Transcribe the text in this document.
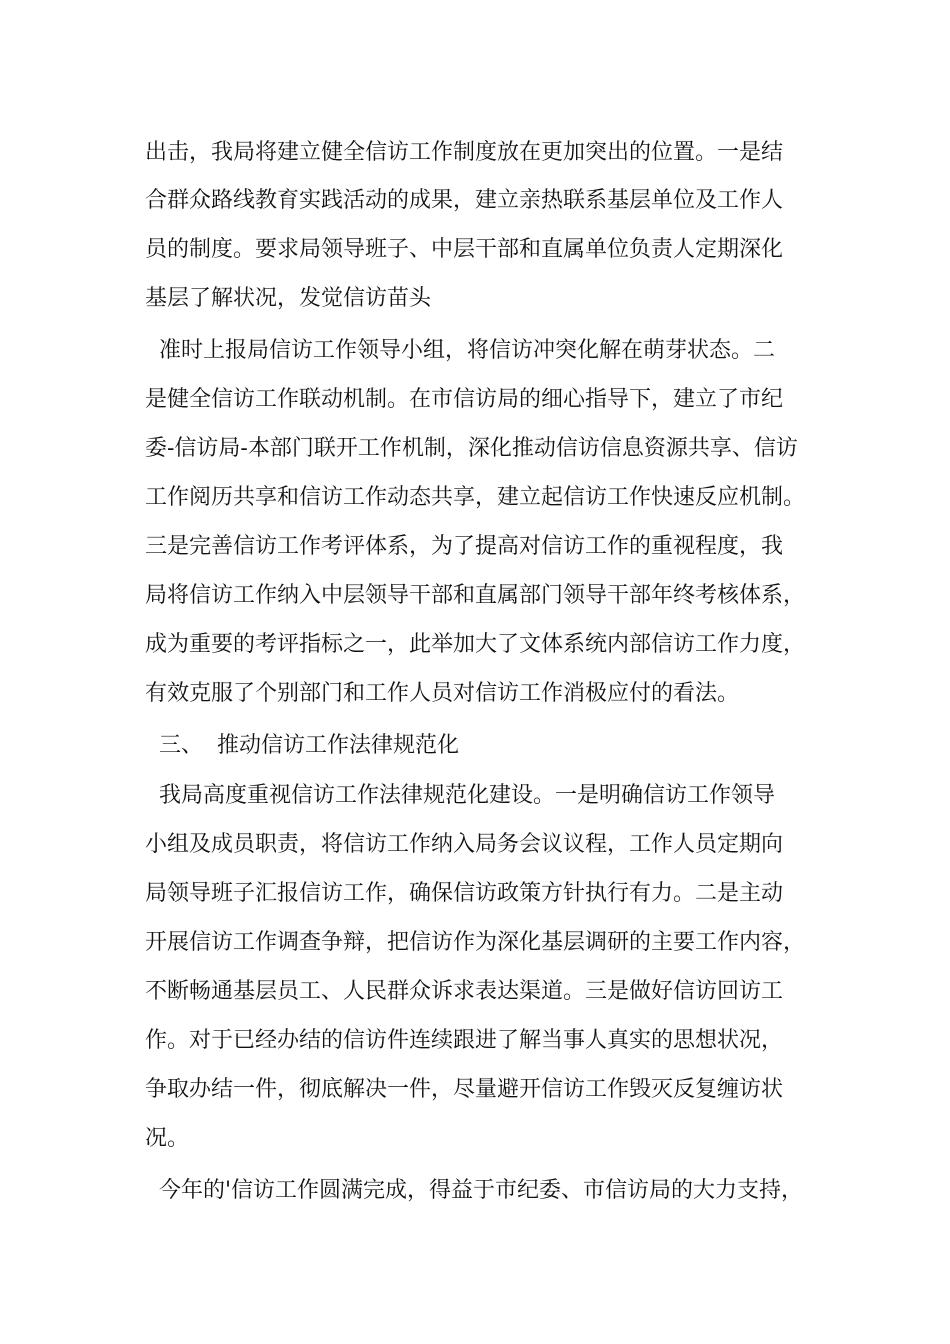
出击，我局将建立健全信访工作制度放在更加突出的位置。一是结
合群众路线教育实践活动的成果，建立亲热联系基层单位及工作人
员的制度。要求局领导班子、中层干部和直属单位负责人定期深化
基层了解状况，发觉信访苗头
准时上报局信访工作领导小组，将信访冲突化解在萌芽状态。二
是健全信访工作联动机制。在市信访局的细心指导下，建立了市纪
委-信访局-本部门联开工作机制，深化推动信访信息资源共享、信访
工作阅历共享和信访工作动态共享，建立起信访工作快速反应机制。
三是完善信访工作考评体系，为了提高对信访工作的重视程度，我
局将信访工作纳入中层领导干部和直属部门领导干部年终考核体系，
成为重要的考评指标之一，此举加大了文体系统内部信访工作力度，
有效克服了个别部门和工作人员对信访工作消极应付的看法。
三、  推动信访工作法律规范化
我局高度重视信访工作法律规范化建设。一是明确信访工作领导
小组及成员职责，将信访工作纳入局务会议议程，工作人员定期向
局领导班子汇报信访工作，确保信访政策方针执行有力。二是主动
开展信访工作调查争辩，把信访作为深化基层调研的主要工作内容，
不断畅通基层员工、人民群众诉求表达渠道。三是做好信访回访工
作。对于已经办结的信访件连续跟进了解当事人真实的思想状况，
争取办结一件，彻底解决一件，尽量避开信访工作毁灭反复缠访状
况。
今年的'信访工作圆满完成，得益于市纪委、市信访局的大力支持，
